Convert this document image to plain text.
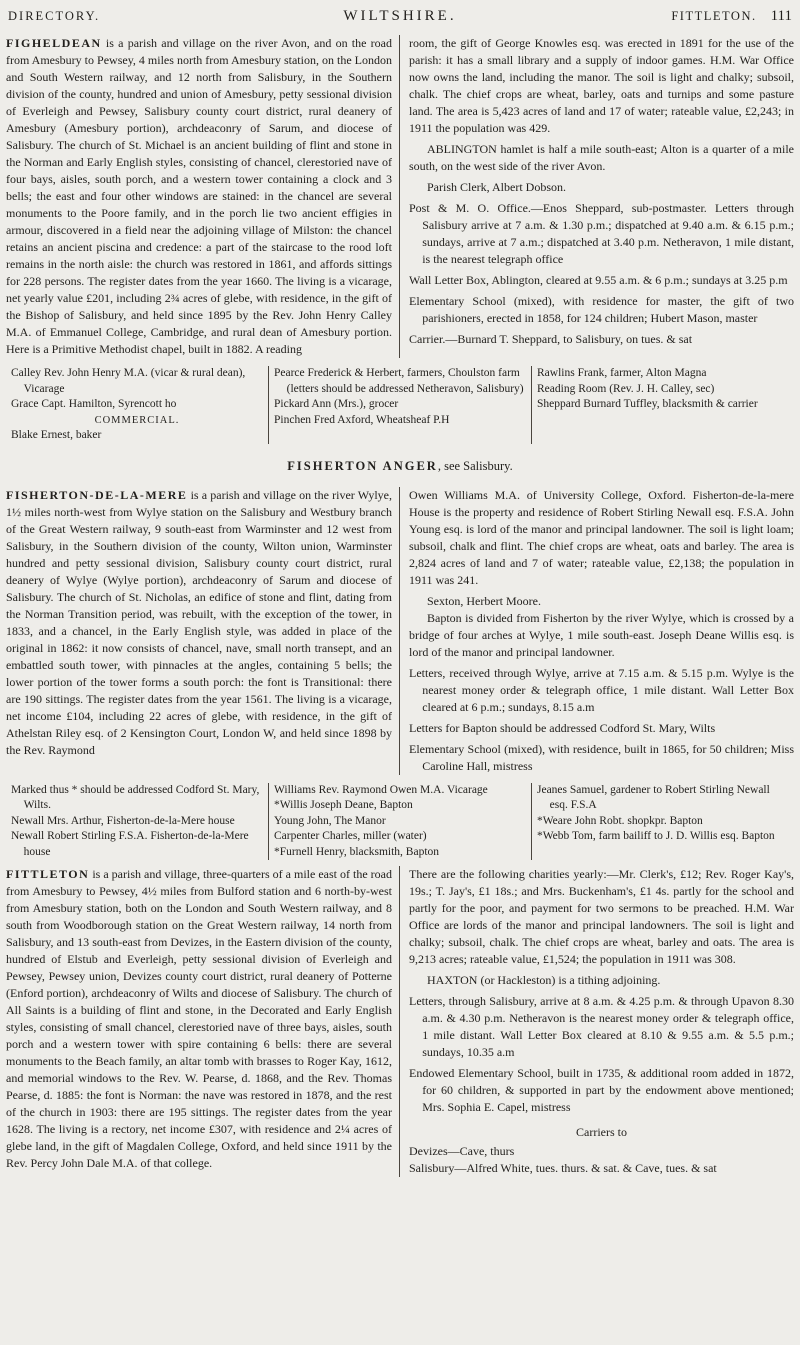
DIRECTORY.	WILTSHIRE.	FITTLETON. 111

FIGHELDEAN is a parish and village on the river Avon, and on the road from Amesbury to Pewsey, 4 miles north from Amesbury station, on the London and South Western railway, and 12 north from Salisbury, in the Southern division of the county, hundred and union of Amesbury, petty sessional division of Everleigh and Pewsey, Salisbury county court district, rural deanery of Amesbury (Amesbury portion), archdeaconry of Sarum, and diocese of Salisbury. The church of St. Michael is an ancient building of flint and stone in the Norman and Early English styles, consisting of chancel, clerestoried nave of four bays, aisles, south porch, and a western tower containing a clock and 3 bells; the east and four other windows are stained: in the chancel are several monuments to the Poore family, and in the porch lie two ancient effigies in armour, discovered in a field near the adjoining village of Milston: the chancel retains an ancient piscina and credence: a part of the staircase to the rood loft remains in the north aisle: the church was restored in 1861, and affords sittings for 228 persons. The register dates from the year 1660. The living is a vicarage, net yearly value £201, including 2¾ acres of glebe, with residence, in the gift of the Bishop of Salisbury, and held since 1895 by the Rev. John Henry Calley M.A. of Emmanuel College, Cambridge, and rural dean of Amesbury portion. Here is a Primitive Methodist chapel, built in 1882. A reading

room, the gift of George Knowles esq. was erected in 1891 for the use of the parish: it has a small library and a supply of indoor games. H.M. War Office now owns the land, including the manor. The soil is light and chalky; subsoil, chalk. The chief crops are wheat, barley, oats and turnips and some pasture land. The area is 5,423 acres of land and 17 of water; rateable value, £2,243; in 1911 the population was 429.

ABLINGTON hamlet is half a mile south-east; Alton is a quarter of a mile south, on the west side of the river Avon.

Parish Clerk, Albert Dobson.

Post & M. O. Office.—Enos Sheppard, sub-postmaster. Letters through Salisbury arrive at 7 a.m. & 1.30 p.m.; dispatched at 9.40 a.m. & 6.15 p.m.; sundays, arrive at 7 a.m.; dispatched at 3.40 p.m. Netheravon, 1 mile distant, is the nearest telegraph office

Wall Letter Box, Ablington, cleared at 9.55 a.m. & 6 p.m.; sundays at 3.25 p.m

Elementary School (mixed), with residence for master, the gift of two parishioners, erected in 1858, for 124 children; Hubert Mason, master

Carrier.—Burnard T. Sheppard, to Salisbury, on tues. & sat

Calley Rev. John Henry M.A. (vicar & rural dean), Vicarage

Grace Capt. Hamilton, Syrencott ho

COMMERCIAL.

Blake Ernest, baker

Pearce Frederick & Herbert, farmers, Choulston farm (letters should be addressed Netheravon, Salisbury)

Pickard Ann (Mrs.), grocer

Pinchen Fred Axford, Wheatsheaf P.H

Rawlins Frank, farmer, Alton Magna

Reading Room (Rev. J. H. Calley, sec)

Sheppard Burnard Tuffley, blacksmith & carrier

FISHERTON ANGER, see Salisbury.

FISHERTON-DE-LA-MERE is a parish and village on the river Wylye, 1½ miles north-west from Wylye station on the Salisbury and Westbury branch of the Great Western railway, 9 south-east from Warminster and 12 west from Salisbury, in the Southern division of the county, Wilton union, Warminster hundred and petty sessional division, Salisbury county court district, rural deanery of Wylye (Wylye portion), archdeaconry of Sarum and diocese of Salisbury. The church of St. Nicholas, an edifice of stone and flint, dating from the Norman Transition period, was rebuilt, with the exception of the tower, in 1833, and a chancel, in the Early English style, was added in place of the original in 1862: it now consists of chancel, nave, small north transept, and an embattled south tower, with pinnacles at the angles, containing 5 bells; the lower portion of the tower forms a south porch: the font is Transitional: there are 190 sittings. The register dates from the year 1561. The living is a vicarage, net income £104, including 22 acres of glebe, with residence, in the gift of Athelstan Riley esq. of 2 Kensington Court, London W, and held since 1898 by the Rev. Raymond

Owen Williams M.A. of University College, Oxford. Fisherton-de-la-mere House is the property and residence of Robert Stirling Newall esq. F.S.A. John Young esq. is lord of the manor and principal landowner. The soil is light loam; subsoil, chalk and flint. The chief crops are wheat, oats and barley. The area is 2,824 acres of land and 7 of water; rateable value, £2,138; the population in 1911 was 241.

Sexton, Herbert Moore.

Bapton is divided from Fisherton by the river Wylye, which is crossed by a bridge of four arches at Wylye, 1 mile south-east. Joseph Deane Willis esq. is lord of the manor and principal landowner.

Letters, received through Wylye, arrive at 7.15 a.m. & 5.15 p.m. Wylye is the nearest money order & telegraph office, 1 mile distant. Wall Letter Box cleared at 6 p.m.; sundays, 8.15 a.m

Letters for Bapton should be addressed Codford St. Mary, Wilts

Elementary School (mixed), with residence, built in 1865, for 50 children; Miss Caroline Hall, mistress

Marked thus * should be addressed Codford St. Mary, Wilts.

Newall Mrs. Arthur, Fisherton-de-la-Mere house

Newall Robert Stirling F.S.A. Fisherton-de-la-Mere house

Williams Rev. Raymond Owen M.A. Vicarage

*Willis Joseph Deane, Bapton

Young John, The Manor

Carpenter Charles, miller (water)

*Furnell Henry, blacksmith, Bapton

Jeanes Samuel, gardener to Robert Stirling Newall esq. F.S.A

*Weare John Robt. shopkpr. Bapton

*Webb Tom, farm bailiff to J. D. Willis esq. Bapton

FITTLETON is a parish and village, three-quarters of a mile east of the road from Amesbury to Pewsey, 4½ miles from Bulford station and 6 north-by-west from Amesbury station, both on the London and South Western railway, and 8 south from Woodborough station on the Great Western railway, 14 north from Salisbury, and 13 south-east from Devizes, in the Eastern division of the county, hundred of Elstub and Everleigh, petty sessional division of Everleigh and Pewsey, Pewsey union, Devizes county court district, rural deanery of Potterne (Enford portion), archdeaconry of Wilts and diocese of Salisbury. The church of All Saints is a building of flint and stone, in the Decorated and Early English styles, consisting of small chancel, clerestoried nave of three bays, aisles, south porch and a western tower with spire containing 6 bells: there are several monuments to the Beach family, an altar tomb with brasses to Roger Kay, 1612, and memorial windows to the Rev. W. Pearse, d. 1868, and the Rev. Thomas Pearse, d. 1885: the font is Norman: the nave was restored in 1878, and the rest of the church in 1903: there are 195 sittings. The register dates from the year 1628. The living is a rectory, net income £307, with residence and 2¼ acres of glebe land, in the gift of Magdalen College, Oxford, and held since 1911 by the Rev. Percy John Dale M.A. of that college.

There are the following charities yearly:—Mr. Clerk's, £12; Rev. Roger Kay's, 19s.; T. Jay's, £1 18s.; and Mrs. Buckenham's, £1 4s. partly for the school and partly for the poor, and payment for two sermons to be preached. H.M. War Office are lords of the manor and principal landowners. The soil is light and chalky; subsoil, chalk. The chief crops are wheat, barley and oats. The area is 9,213 acres; rateable value, £1,524; the population in 1911 was 308.

HAXTON (or Hackleston) is a tithing adjoining.

Letters, through Salisbury, arrive at 8 a.m. & 4.25 p.m. & through Upavon 8.30 a.m. & 4.30 p.m. Netheravon is the nearest money order & telegraph office, 1 mile distant. Wall Letter Box cleared at 8.10 & 9.55 a.m. & 5.5 p.m.; sundays, 10.35 a.m

Endowed Elementary School, built in 1735, & additional room added in 1872, for 60 children, & supported in part by the endowment above mentioned; Mrs. Sophia E. Capel, mistress

Carriers to

Devizes—Cave, thurs

Salisbury—Alfred White, tues. thurs. & sat. & Cave, tues. & sat
